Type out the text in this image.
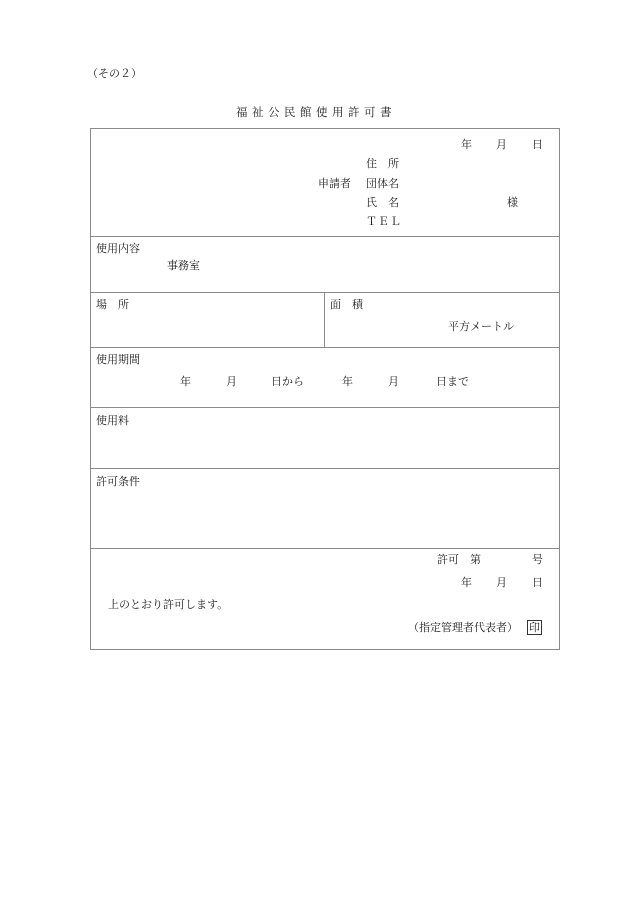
（その２）
福祉公民館使用許可書
年 月 日
住　所
申請者 団体名
氏　名	様
ＴＥＬ
使用内容
事務室
場　所	面　積
平方メートル
使用期間
年	月	日から	年	月	日まで
使用料
許可条件
許可　第	号
年 月 日
上のとおり許可します。
（指定管理者代表者） 印
